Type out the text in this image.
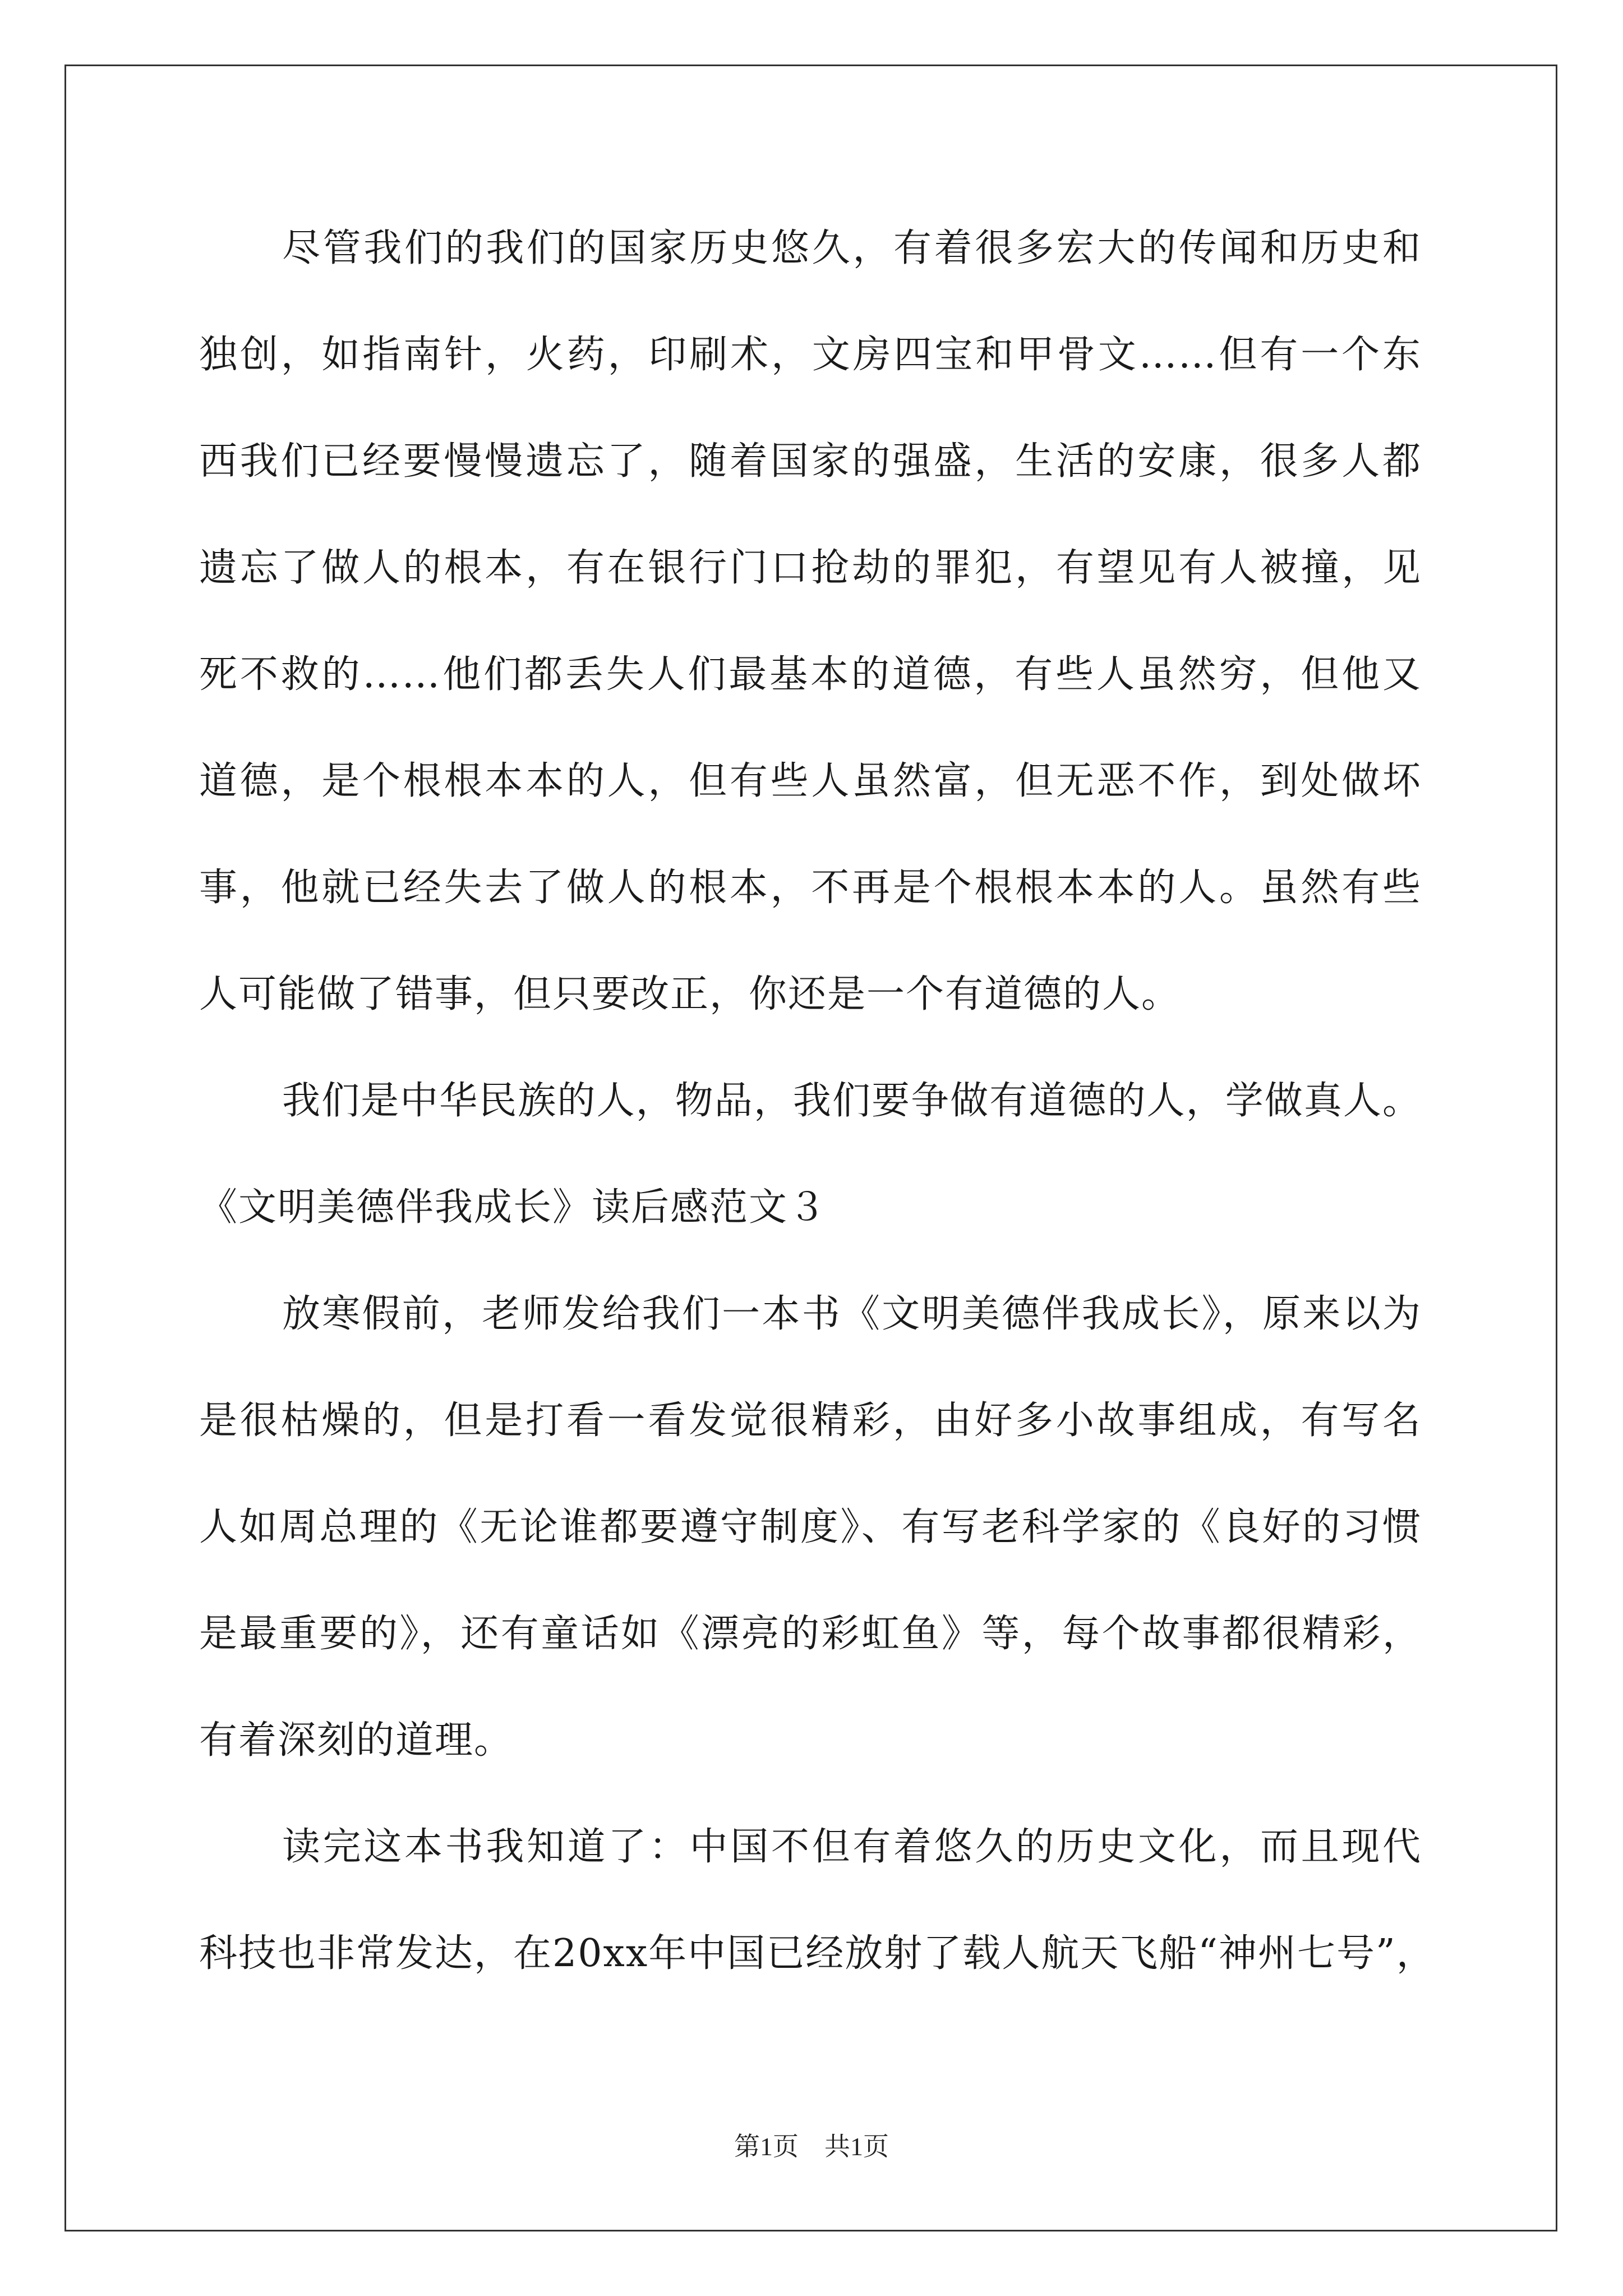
尽管我们的我们的国家历史悠久，有着很多宏大的传闻和历史和
独创，如指南针，火药，印刷术，文房四宝和甲骨文……但有一个东
西我们已经要慢慢遗忘了，随着国家的强盛，生活的安康，很多人都
遗忘了做人的根本，有在银行门口抢劫的罪犯，有望见有人被撞，见
死不救的……他们都丢失人们最基本的道德，有些人虽然穷，但他又
道德，是个根根本本的人，但有些人虽然富，但无恶不作，到处做坏
事，他就已经失去了做人的根本，不再是个根根本本的人。虽然有些
人可能做了错事，但只要改正，你还是一个有道德的人。
我们是中华民族的人，物品，我们要争做有道德的人，学做真人。
《文明美德伴我成长》读后感范文３
放寒假前，老师发给我们一本书《文明美德伴我成长》，原来以为
是很枯燥的，但是打看一看发觉很精彩，由好多小故事组成，有写名
人如周总理的《无论谁都要遵守制度》、有写老科学家的《良好的习惯
是最重要的》，还有童话如《漂亮的彩虹鱼》等，每个故事都很精彩，
有着深刻的道理。
读完这本书我知道了：中国不但有着悠久的历史文化，而且现代
科技也非常发达，在20xx年中国已经放射了载人航天飞船“神州七号”，
第1页　共1页
